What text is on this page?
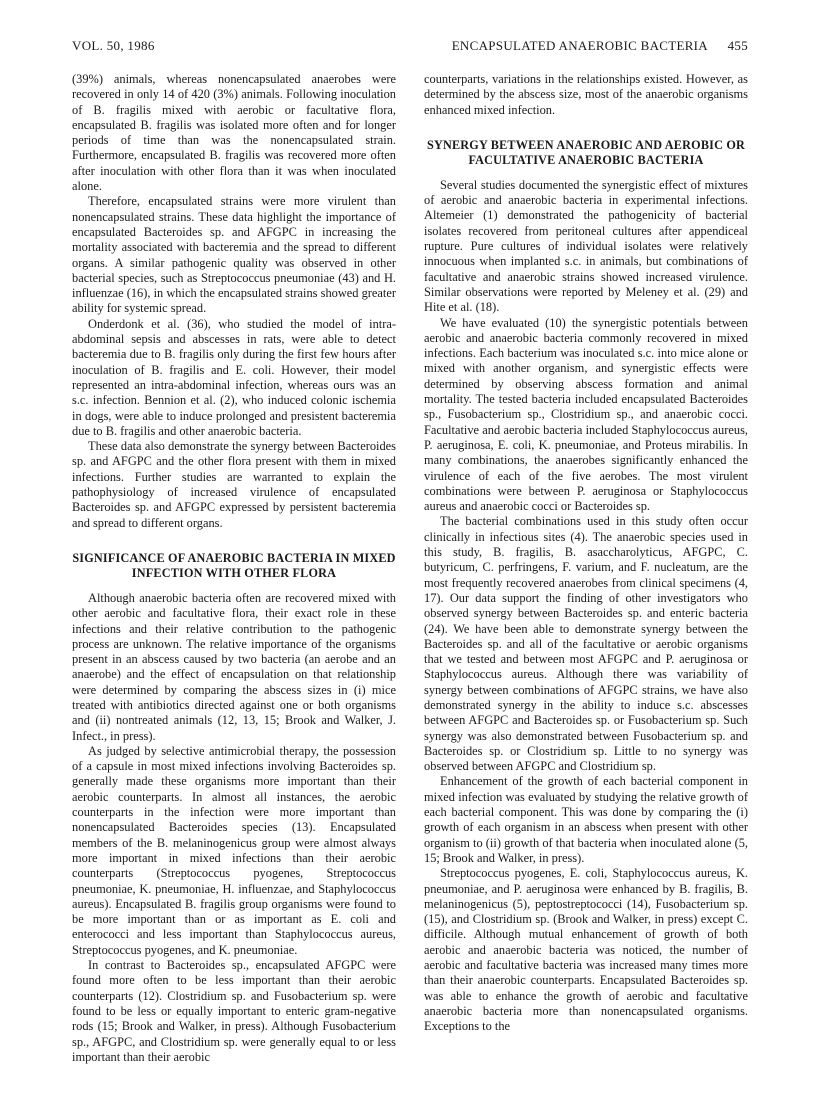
VOL. 50, 1986	ENCAPSULATED ANAEROBIC BACTERIA 455

(39%) animals, whereas nonencapsulated anaerobes were recovered in only 14 of 420 (3%) animals. Following inoculation of B. fragilis mixed with aerobic or facultative flora, encapsulated B. fragilis was isolated more often and for longer periods of time than was the nonencapsulated strain. Furthermore, encapsulated B. fragilis was recovered more often after inoculation with other flora than it was when inoculated alone.

Therefore, encapsulated strains were more virulent than nonencapsulated strains. These data highlight the importance of encapsulated Bacteroides sp. and AFGPC in increasing the mortality associated with bacteremia and the spread to different organs. A similar pathogenic quality was observed in other bacterial species, such as Streptococcus pneumoniae (43) and H. influenzae (16), in which the encapsulated strains showed greater ability for systemic spread.

Onderdonk et al. (36), who studied the model of intra-abdominal sepsis and abscesses in rats, were able to detect bacteremia due to B. fragilis only during the first few hours after inoculation of B. fragilis and E. coli. However, their model represented an intra-abdominal infection, whereas ours was an s.c. infection. Bennion et al. (2), who induced colonic ischemia in dogs, were able to induce prolonged and presistent bacteremia due to B. fragilis and other anaerobic bacteria.

These data also demonstrate the synergy between Bacteroides sp. and AFGPC and the other flora present with them in mixed infections. Further studies are warranted to explain the pathophysiology of increased virulence of encapsulated Bacteroides sp. and AFGPC expressed by persistent bacteremia and spread to different organs.

SIGNIFICANCE OF ANAEROBIC BACTERIA IN MIXED INFECTION WITH OTHER FLORA

Although anaerobic bacteria often are recovered mixed with other aerobic and facultative flora, their exact role in these infections and their relative contribution to the pathogenic process are unknown. The relative importance of the organisms present in an abscess caused by two bacteria (an aerobe and an anaerobe) and the effect of encapsulation on that relationship were determined by comparing the abscess sizes in (i) mice treated with antibiotics directed against one or both organisms and (ii) nontreated animals (12, 13, 15; Brook and Walker, J. Infect., in press).

As judged by selective antimicrobial therapy, the possession of a capsule in most mixed infections involving Bacteroides sp. generally made these organisms more important than their aerobic counterparts. In almost all instances, the aerobic counterparts in the infection were more important than nonencapsulated Bacteroides species (13). Encapsulated members of the B. melaninogenicus group were almost always more important in mixed infections than their aerobic counterparts (Streptococcus pyogenes, Streptococcus pneumoniae, K. pneumoniae, H. influenzae, and Staphylococcus aureus). Encapsulated B. fragilis group organisms were found to be more important than or as important as E. coli and enterococci and less important than Staphylococcus aureus, Streptococcus pyogenes, and K. pneumoniae.

In contrast to Bacteroides sp., encapsulated AFGPC were found more often to be less important than their aerobic counterparts (12). Clostridium sp. and Fusobacterium sp. were found to be less or equally important to enteric gram-negative rods (15; Brook and Walker, in press). Although Fusobacterium sp., AFGPC, and Clostridium sp. were generally equal to or less important than their aerobic

counterparts, variations in the relationships existed. However, as determined by the abscess size, most of the anaerobic organisms enhanced mixed infection.

SYNERGY BETWEEN ANAEROBIC AND AEROBIC OR FACULTATIVE ANAEROBIC BACTERIA

Several studies documented the synergistic effect of mixtures of aerobic and anaerobic bacteria in experimental infections. Altemeier (1) demonstrated the pathogenicity of bacterial isolates recovered from peritoneal cultures after appendiceal rupture. Pure cultures of individual isolates were relatively innocuous when implanted s.c. in animals, but combinations of facultative and anaerobic strains showed increased virulence. Similar observations were reported by Meleney et al. (29) and Hite et al. (18).

We have evaluated (10) the synergistic potentials between aerobic and anaerobic bacteria commonly recovered in mixed infections. Each bacterium was inoculated s.c. into mice alone or mixed with another organism, and synergistic effects were determined by observing abscess formation and animal mortality. The tested bacteria included encapsulated Bacteroides sp., Fusobacterium sp., Clostridium sp., and anaerobic cocci. Facultative and aerobic bacteria included Staphylococcus aureus, P. aeruginosa, E. coli, K. pneumoniae, and Proteus mirabilis. In many combinations, the anaerobes significantly enhanced the virulence of each of the five aerobes. The most virulent combinations were between P. aeruginosa or Staphylococcus aureus and anaerobic cocci or Bacteroides sp.

The bacterial combinations used in this study often occur clinically in infectious sites (4). The anaerobic species used in this study, B. fragilis, B. asaccharolyticus, AFGPC, C. butyricum, C. perfringens, F. varium, and F. nucleatum, are the most frequently recovered anaerobes from clinical specimens (4, 17). Our data support the finding of other investigators who observed synergy between Bacteroides sp. and enteric bacteria (24). We have been able to demonstrate synergy between the Bacteroides sp. and all of the facultative or aerobic organisms that we tested and between most AFGPC and P. aeruginosa or Staphylococcus aureus. Although there was variability of synergy between combinations of AFGPC strains, we have also demonstrated synergy in the ability to induce s.c. abscesses between AFGPC and Bacteroides sp. or Fusobacterium sp. Such synergy was also demonstrated between Fusobacterium sp. and Bacteroides sp. or Clostridium sp. Little to no synergy was observed between AFGPC and Clostridium sp.

Enhancement of the growth of each bacterial component in mixed infection was evaluated by studying the relative growth of each bacterial component. This was done by comparing the (i) growth of each organism in an abscess when present with other organism to (ii) growth of that bacteria when inoculated alone (5, 15; Brook and Walker, in press).

Streptococcus pyogenes, E. coli, Staphylococcus aureus, K. pneumoniae, and P. aeruginosa were enhanced by B. fragilis, B. melaninogenicus (5), peptostreptococci (14), Fusobacterium sp. (15), and Clostridium sp. (Brook and Walker, in press) except C. difficile. Although mutual enhancement of growth of both aerobic and anaerobic bacteria was noticed, the number of aerobic and facultative bacteria was increased many times more than their anaerobic counterparts. Encapsulated Bacteroides sp. was able to enhance the growth of aerobic and facultative anaerobic bacteria more than nonencapsulated organisms. Exceptions to the
